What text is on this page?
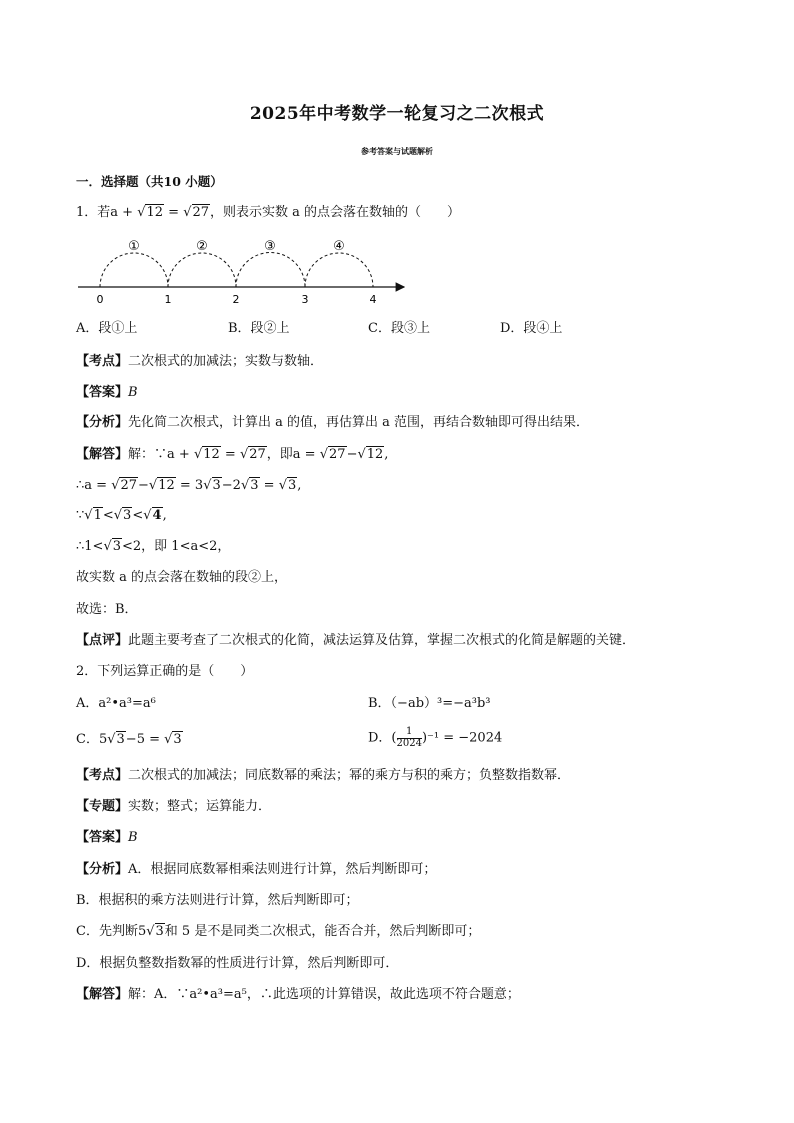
2025年中考数学一轮复习之二次根式
参考答案与试题解析
一．选择题（共10 小题）
1．若a + √12 = √27，则表示实数 a 的点会落在数轴的（　　）
①	②	③	④
0	1	2	3	4
A．段①上	B．段②上	C．段③上	D．段④上
【考点】二次根式的加减法；实数与数轴．
【答案】B
【分析】先化简二次根式，计算出 a 的值，再估算出 a 范围，再结合数轴即可得出结果．
【解答】解：∵a + √12 = √27，即a = √27−√12,
∴a = √27−√12 = 3√3−2√3 = √3,
∵√1<√3<√4,
∴1<√3<2，即 1<a<2，
故实数 a 的点会落在数轴的段②上，
故选：B．
【点评】此题主要考查了二次根式的化简，减法运算及估算，掌握二次根式的化简是解题的关键．
2．下列运算正确的是（　　）
A．a²•a³=a⁶	B．（−ab）³=−a³b³
C．5√3−5 = √3	D．( $\frac{1}{2024} )^{-1} = -2024$
【考点】二次根式的加减法；同底数幂的乘法；幂的乘方与积的乘方；负整数指数幂．
【专题】实数；整式；运算能力．
【答案】B
【分析】A．根据同底数幂相乘法则进行计算，然后判断即可；
B．根据积的乘方法则进行计算，然后判断即可；
C．先判断5√3和 5 是不是同类二次根式，能否合并，然后判断即可；
D．根据负整数指数幂的性质进行计算，然后判断即可．
【解答】解：A．∵a²•a³=a⁵，∴此选项的计算错误，故此选项不符合题意；
